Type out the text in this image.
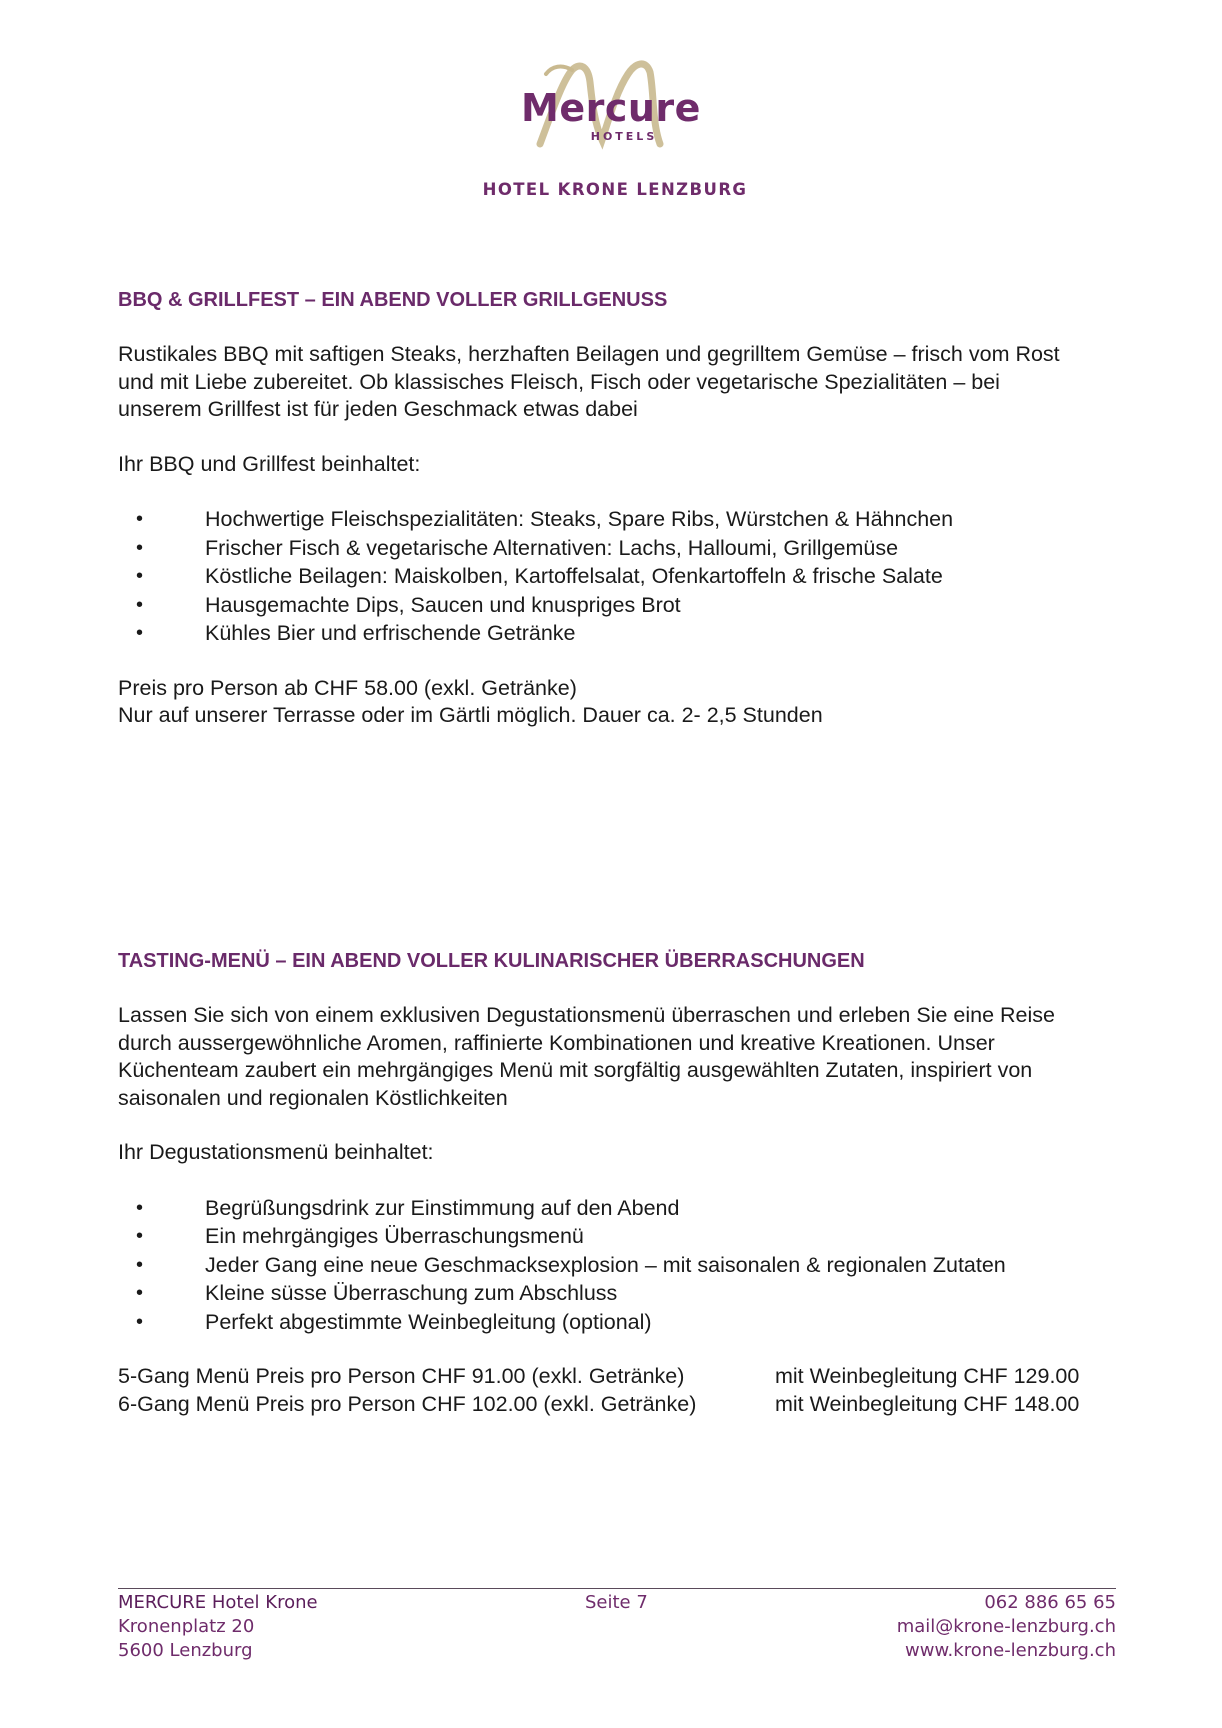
Mercure
HOTELS
HOTEL KRONE LENZBURG
BBQ & GRILLFEST – EIN ABEND VOLLER GRILLGENUSS

Rustikales BBQ mit saftigen Steaks, herzhaften Beilagen und gegrilltem Gemüse – frisch vom Rost

und mit Liebe zubereitet. Ob klassisches Fleisch, Fisch oder vegetarische Spezialitäten – bei

unserem Grillfest ist für jeden Geschmack etwas dabei

Ihr BBQ und Grillfest beinhaltet:

• Hochwertige Fleischspezialitäten: Steaks, Spare Ribs, Würstchen & Hähnchen
• Frischer Fisch & vegetarische Alternativen: Lachs, Halloumi, Grillgemüse
• Köstliche Beilagen: Maiskolben, Kartoffelsalat, Ofenkartoffeln & frische Salate
• Hausgemachte Dips, Saucen und knuspriges Brot
• Kühles Bier und erfrischende Getränke

Preis pro Person ab CHF 58.00 (exkl. Getränke)

Nur auf unserer Terrasse oder im Gärtli möglich. Dauer ca. 2- 2,5 Stunden

TASTING-MENÜ – EIN ABEND VOLLER KULINARISCHER ÜBERRASCHUNGEN

Lassen Sie sich von einem exklusiven Degustationsmenü überraschen und erleben Sie eine Reise

durch aussergewöhnliche Aromen, raffinierte Kombinationen und kreative Kreationen. Unser

Küchenteam zaubert ein mehrgängiges Menü mit sorgfältig ausgewählten Zutaten, inspiriert von

saisonalen und regionalen Köstlichkeiten

Ihr Degustationsmenü beinhaltet:

• Begrüßungsdrink zur Einstimmung auf den Abend
• Ein mehrgängiges Überraschungsmenü
• Jeder Gang eine neue Geschmacksexplosion – mit saisonalen & regionalen Zutaten
• Kleine süsse Überraschung zum Abschluss
• Perfekt abgestimmte Weinbegleitung (optional)
5-Gang Menü Preis pro Person CHF 91.00 (exkl. Getränke)	mit Weinbegleitung CHF 129.00
6-Gang Menü Preis pro Person CHF 102.00 (exkl. Getränke)	mit Weinbegleitung CHF 148.00
MERCURE Hotel Krone
Kronenplatz 20
5600 Lenzburg
Seite 7	062 886 65 65
mail@krone-lenzburg.ch
www.krone-lenzburg.ch
